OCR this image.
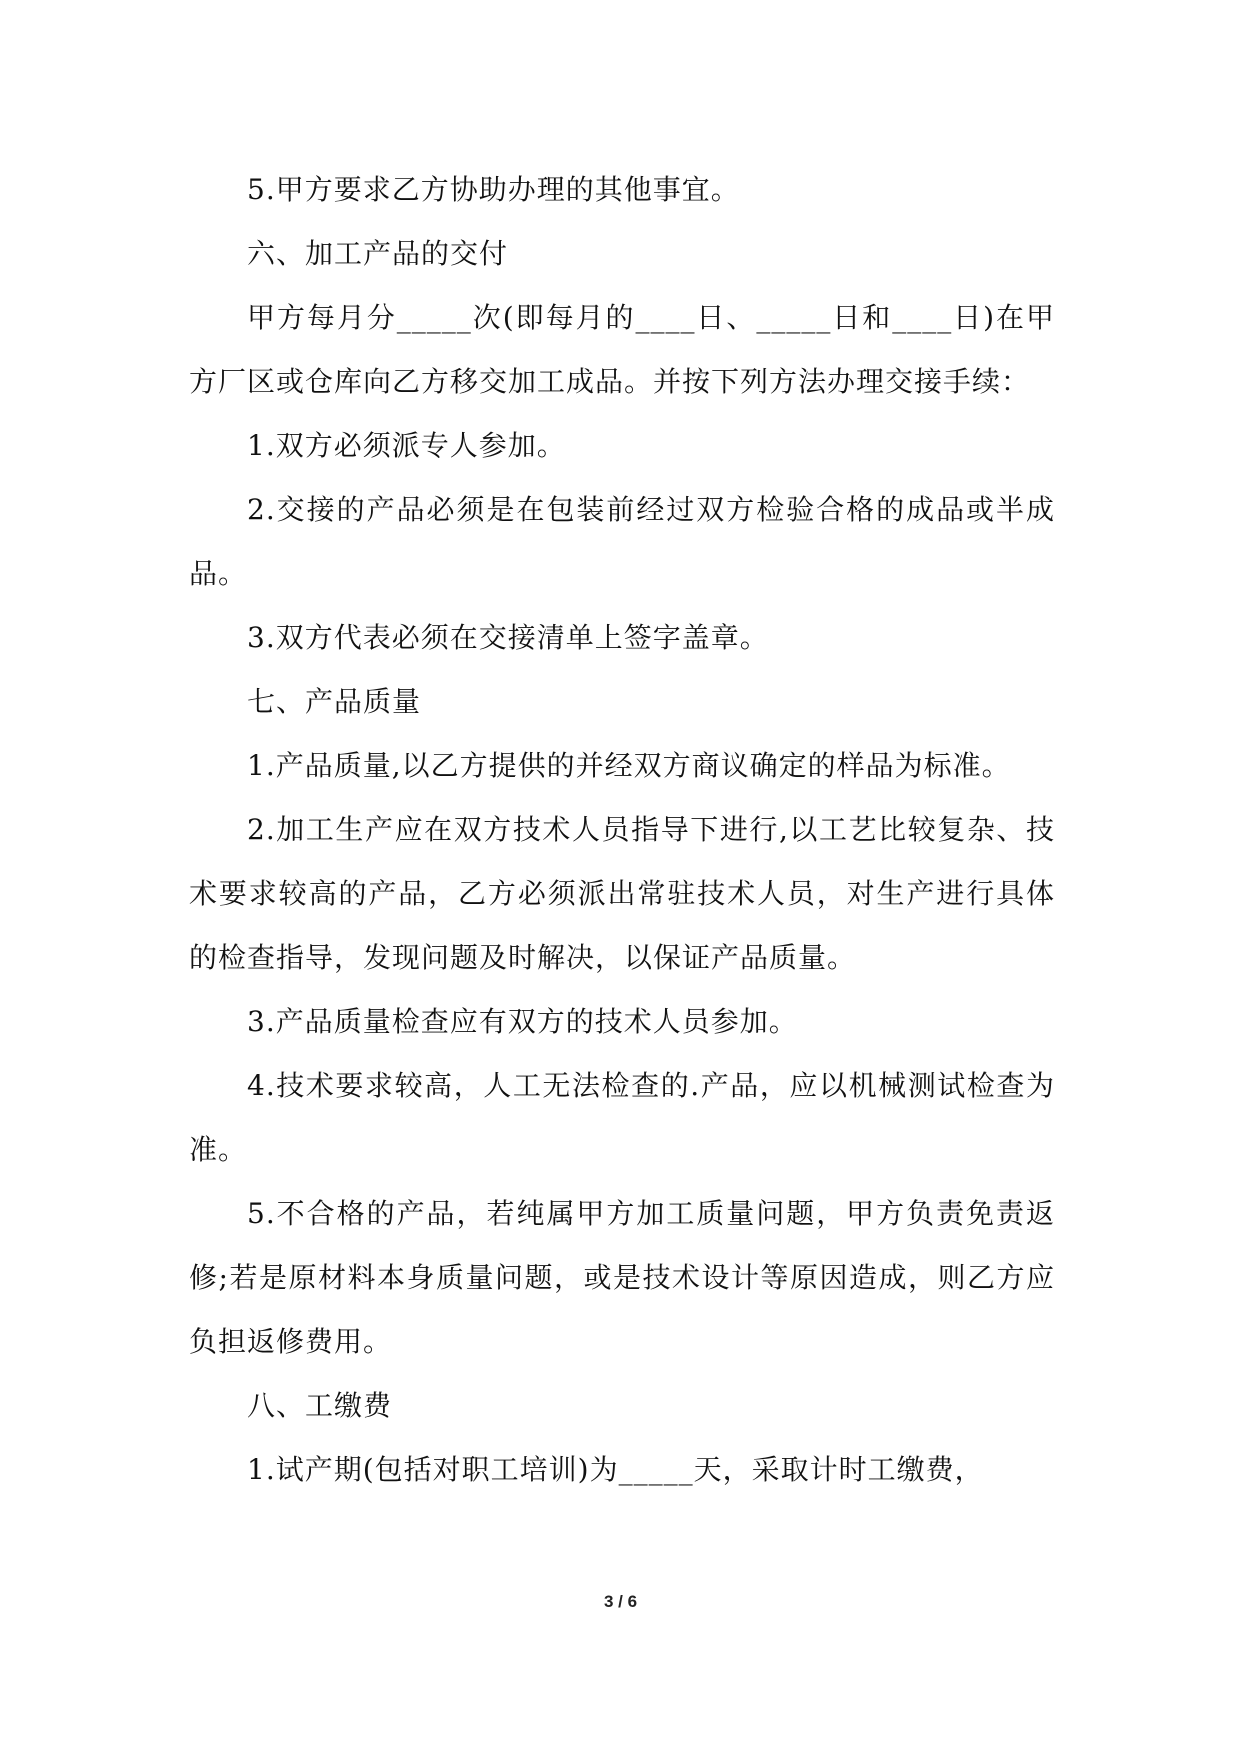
5.甲方要求乙方协助办理的其他事宜。

六、加工产品的交付

甲方每月分_____次(即每月的____日、_____日和____日)在甲方厂区或仓库向乙方移交加工成品。并按下列方法办理交接手续：

1.双方必须派专人参加。

2.交接的产品必须是在包装前经过双方检验合格的成品或半成品。

3.双方代表必须在交接清单上签字盖章。

七、产品质量

1.产品质量,以乙方提供的并经双方商议确定的样品为标准。

2.加工生产应在双方技术人员指导下进行,以工艺比较复杂、技术要求较高的产品，乙方必须派出常驻技术人员，对生产进行具体的检查指导，发现问题及时解决，以保证产品质量。

3.产品质量检查应有双方的技术人员参加。

4.技术要求较高，人工无法检查的.产品，应以机械测试检查为准。

5.不合格的产品，若纯属甲方加工质量问题，甲方负责免责返修;若是原材料本身质量问题，或是技术设计等原因造成，则乙方应负担返修费用。

八、工缴费

1.试产期(包括对职工培训)为_____天，采取计时工缴费，

3 / 6
